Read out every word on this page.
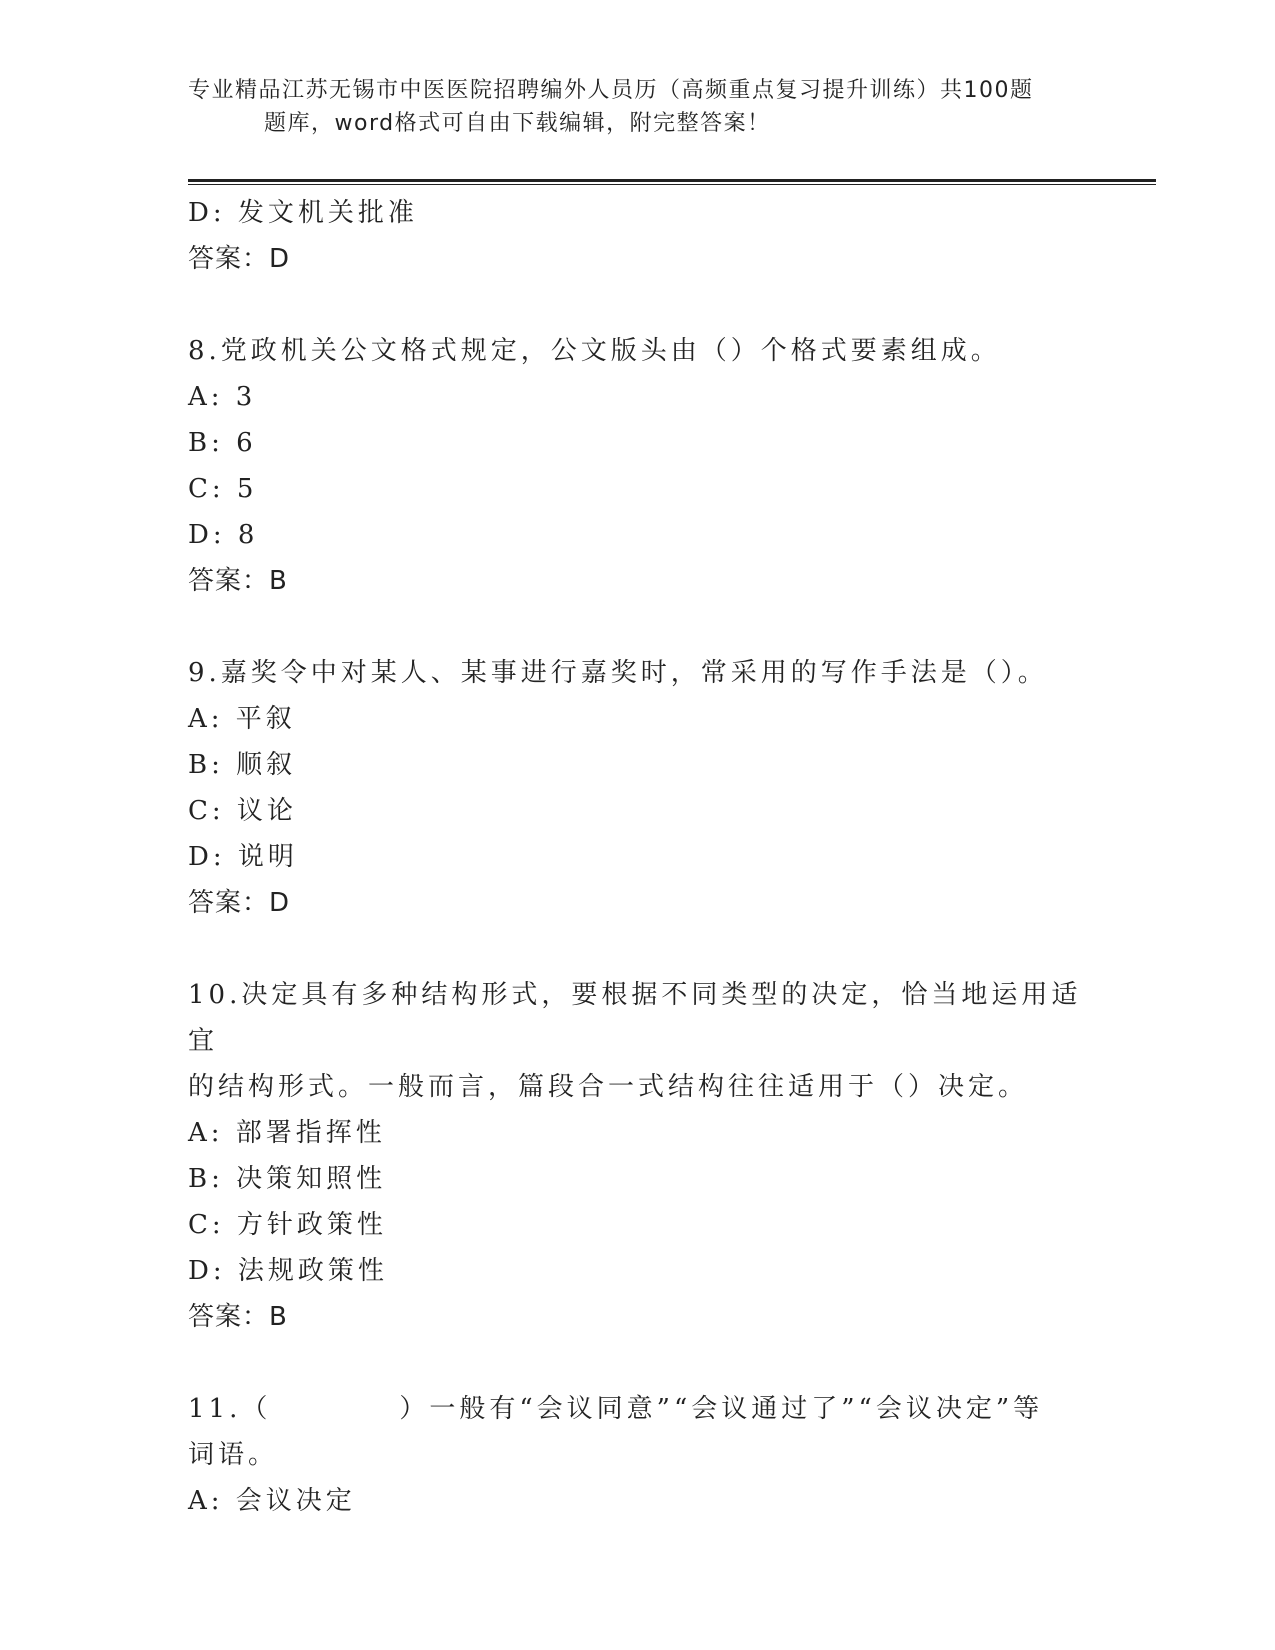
专业精品江苏无锡市中医医院招聘编外人员历（高频重点复习提升训练）共100题
题库，word格式可自由下载编辑，附完整答案！
D: 发文机关批准
答案：D
8.党政机关公文格式规定，公文版头由（）个格式要素组成。
A: 3
B: 6
C: 5
D: 8
答案：B
9.嘉奖令中对某人、某事进行嘉奖时，常采用的写作手法是（）。
A: 平叙
B: 顺叙
C: 议论
D: 说明
答案：D
10.决定具有多种结构形式，要根据不同类型的决定，恰当地运用适宜
的结构形式。一般而言，篇段合一式结构往往适用于（）决定。
A: 部署指挥性
B: 决策知照性
C: 方针政策性
D: 法规政策性
答案：B
11.（	）一般有“会议同意”“会议通过了”“会议决定”等
词语。
A: 会议决定
